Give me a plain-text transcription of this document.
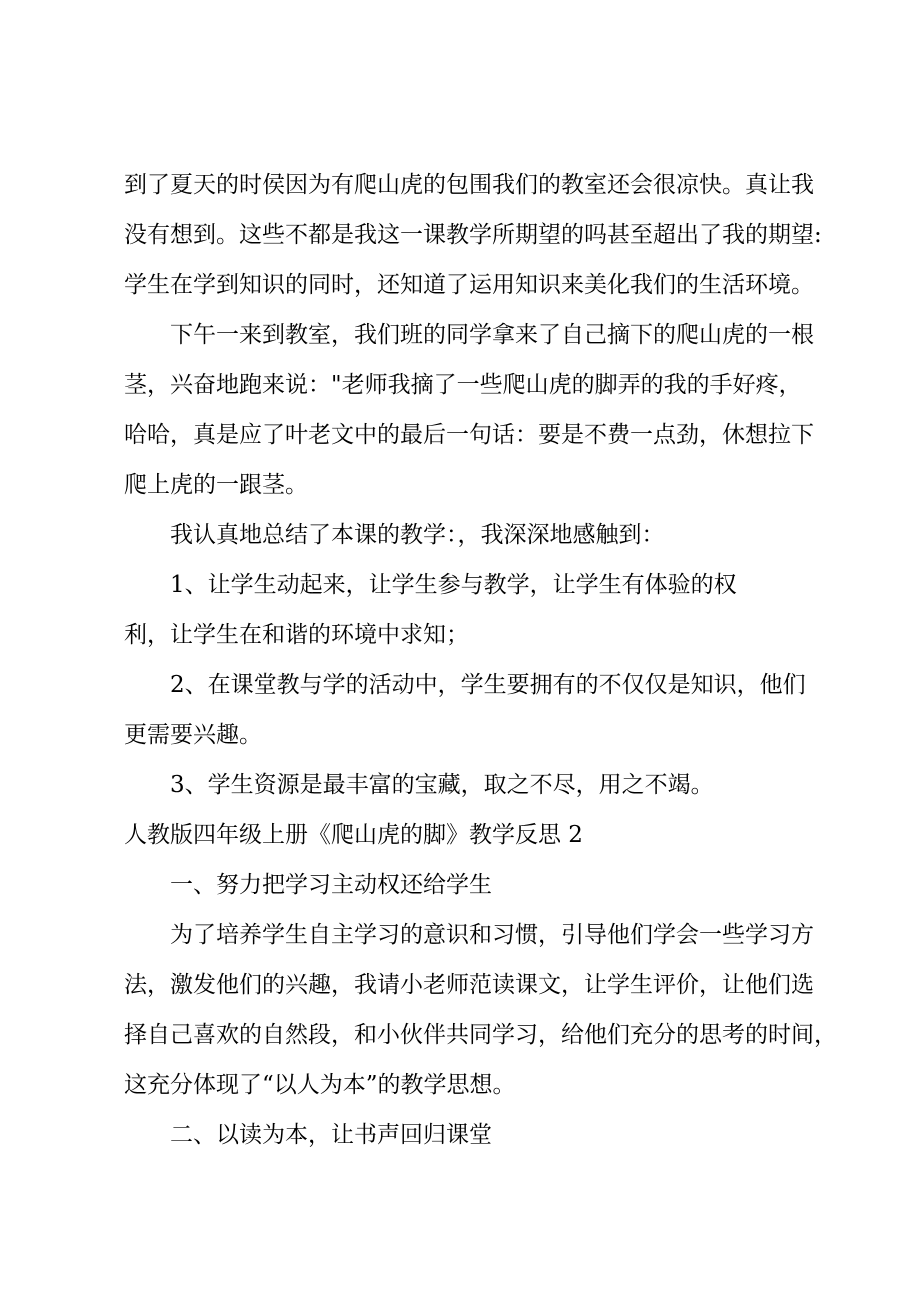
到了夏天的时侯因为有爬山虎的包围我们的教室还会很凉快。真让我
没有想到。这些不都是我这一课教学所期望的吗甚至超出了我的期望:
学生在学到知识的同时，还知道了运用知识来美化我们的生活环境。
下午一来到教室，我们班的同学拿来了自己摘下的爬山虎的一根
茎，兴奋地跑来说："老师我摘了一些爬山虎的脚弄的我的手好疼，
哈哈，真是应了叶老文中的最后一句话：要是不费一点劲，休想拉下
爬上虎的一跟茎。
我认真地总结了本课的教学：，我深深地感触到：
1、让学生动起来，让学生参与教学，让学生有体验的权
利，让学生在和谐的环境中求知；
2、在课堂教与学的活动中，学生要拥有的不仅仅是知识，他们
更需要兴趣。
3、学生资源是最丰富的宝藏，取之不尽，用之不竭。
人教版四年级上册《爬山虎的脚》教学反思 2
一、努力把学习主动权还给学生
为了培养学生自主学习的意识和习惯，引导他们学会一些学习方
法，激发他们的兴趣，我请小老师范读课文，让学生评价，让他们选
择自己喜欢的自然段，和小伙伴共同学习，给他们充分的思考的时间，
这充分体现了“以人为本”的教学思想。
二、以读为本，让书声回归课堂
